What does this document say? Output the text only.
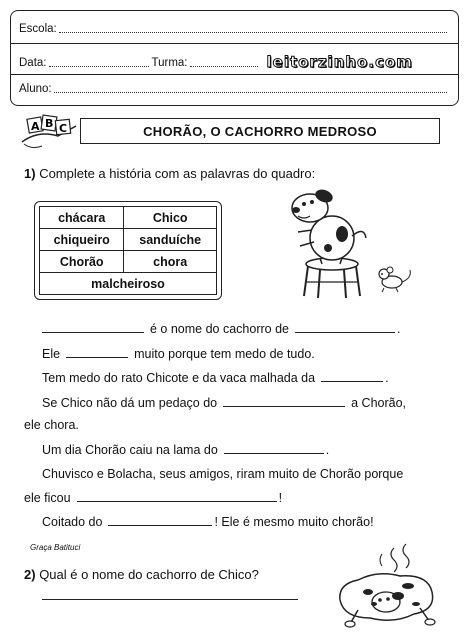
Escola:
Data:	Turma:	leitorzinho.com
Aluno:
A B C	CHORÃO, O CACHORRO MEDROSO
1) Complete a história com as palavras do quadro:
chácara	Chico
chiqueiro	sanduíche
Chorão	chora
malcheiroso	
é o nome do cachorro de	.
Ele	muito porque tem medo de tudo.
Tem medo do rato Chicote e da vaca malhada da	.
Se Chico não dá um pedaço do	a Chorão,
ele chora.
Um dia Chorão caiu na lama do	.
Chuvisco e Bolacha, seus amigos, riram muito de Chorão porque
ele ficou	!
Coitado do	! Ele é mesmo muito chorão!
Graça Batituci
2) Qual é o nome do cachorro de Chico?
